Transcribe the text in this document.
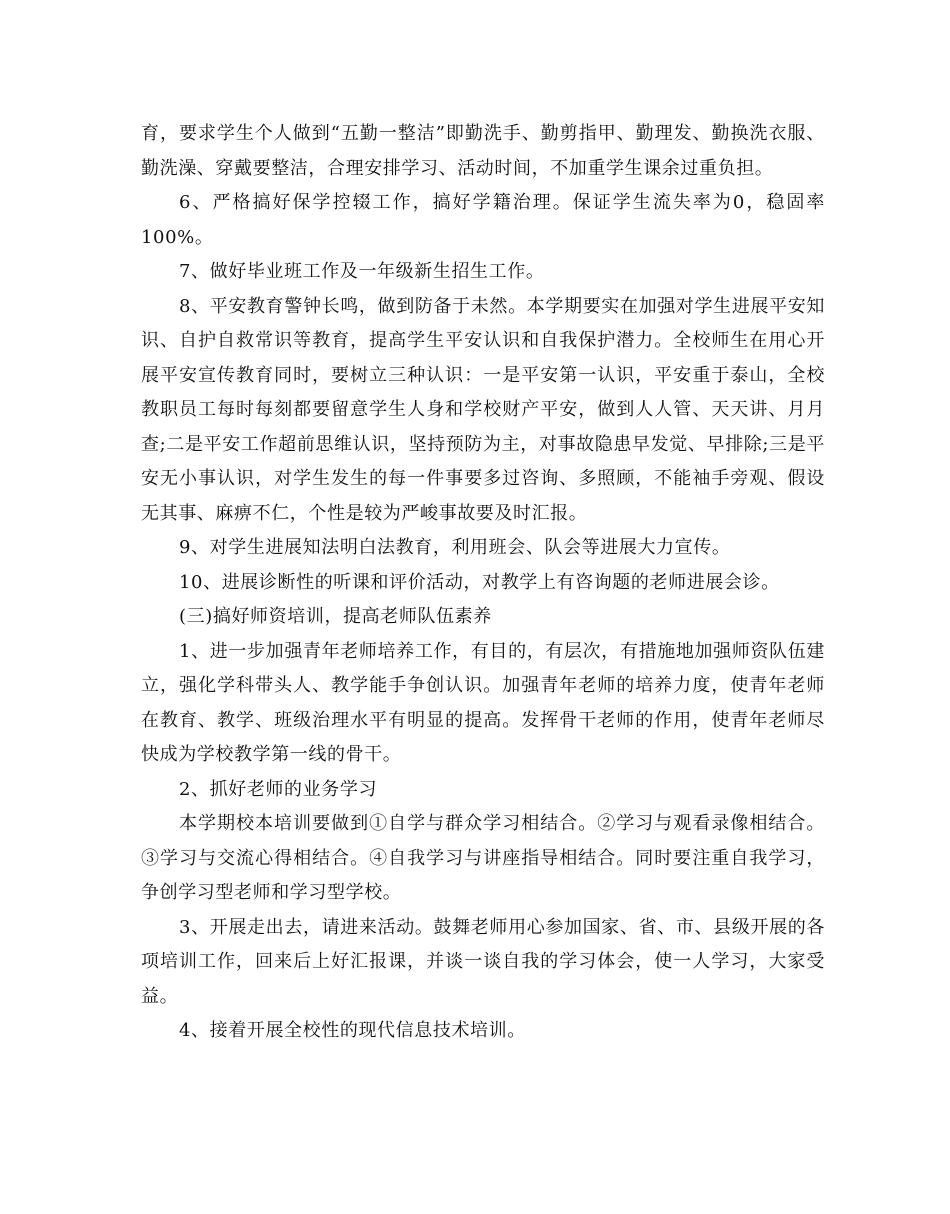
育，要求学生个人做到“五勤一整洁”即勤洗手、勤剪指甲、勤理发、勤换洗衣服、勤洗澡、穿戴要整洁，合理安排学习、活动时间，不加重学生课余过重负担。

6、严格搞好保学控辍工作，搞好学籍治理。保证学生流失率为0，稳固率100%。

7、做好毕业班工作及一年级新生招生工作。

8、平安教育警钟长鸣，做到防备于未然。本学期要实在加强对学生进展平安知识、自护自救常识等教育，提高学生平安认识和自我保护潜力。全校师生在用心开展平安宣传教育同时，要树立三种认识：一是平安第一认识，平安重于泰山，全校教职员工每时每刻都要留意学生人身和学校财产平安，做到人人管、天天讲、月月查;二是平安工作超前思维认识，坚持预防为主，对事故隐患早发觉、早排除;三是平安无小事认识，对学生发生的每一件事要多过咨询、多照顾，不能袖手旁观、假设无其事、麻痹不仁，个性是较为严峻事故要及时汇报。

9、对学生进展知法明白法教育，利用班会、队会等进展大力宣传。

10、进展诊断性的听课和评价活动，对教学上有咨询题的老师进展会诊。

(三)搞好师资培训，提高老师队伍素养

1、进一步加强青年老师培养工作，有目的，有层次，有措施地加强师资队伍建立，强化学科带头人、教学能手争创认识。加强青年老师的培养力度，使青年老师在教育、教学、班级治理水平有明显的提高。发挥骨干老师的作用，使青年老师尽快成为学校教学第一线的骨干。

2、抓好老师的业务学习

本学期校本培训要做到①自学与群众学习相结合。②学习与观看录像相结合。③学习与交流心得相结合。④自我学习与讲座指导相结合。同时要注重自我学习，争创学习型老师和学习型学校。

3、开展走出去，请进来活动。鼓舞老师用心参加国家、省、市、县级开展的各项培训工作，回来后上好汇报课，并谈一谈自我的学习体会，使一人学习，大家受益。

4、接着开展全校性的现代信息技术培训。
